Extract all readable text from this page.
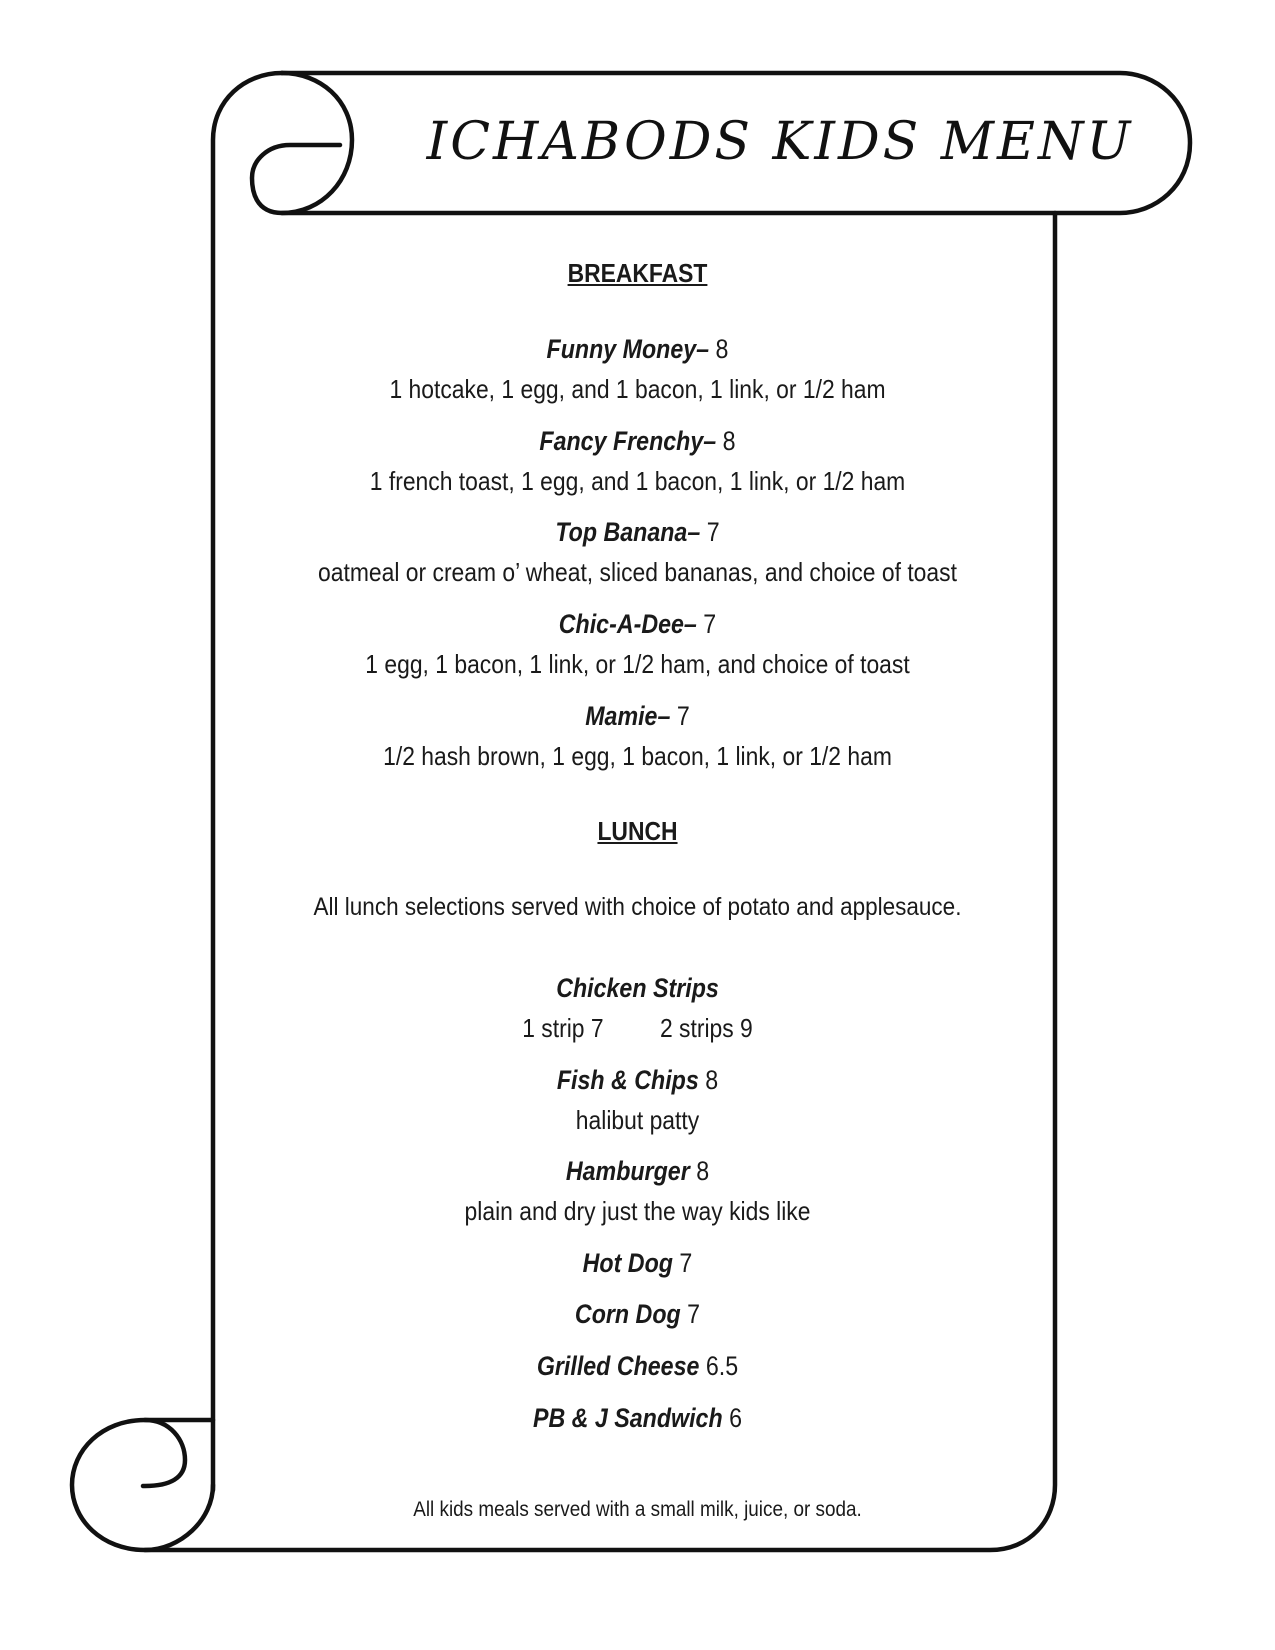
ICHABODS KIDS MENU
BREAKFAST
Funny Money– 8
1 hotcake, 1 egg, and 1 bacon, 1 link, or 1/2 ham
Fancy Frenchy– 8
1 french toast, 1 egg, and 1 bacon, 1 link, or 1/2 ham
Top Banana– 7
oatmeal or cream o’ wheat, sliced bananas, and choice of toast
Chic-A-Dee– 7
1 egg, 1 bacon, 1 link, or 1/2 ham, and choice of toast
Mamie– 7
1/2 hash brown, 1 egg, 1 bacon, 1 link, or 1/2 ham
LUNCH
All lunch selections served with choice of potato and applesauce.
Chicken Strips
1 strip 7 2 strips 9
Fish & Chips 8
halibut patty
Hamburger 8
plain and dry just the way kids like
Hot Dog 7
Corn Dog 7
Grilled Cheese 6.5
PB & J Sandwich 6
All kids meals served with a small milk, juice, or soda.
